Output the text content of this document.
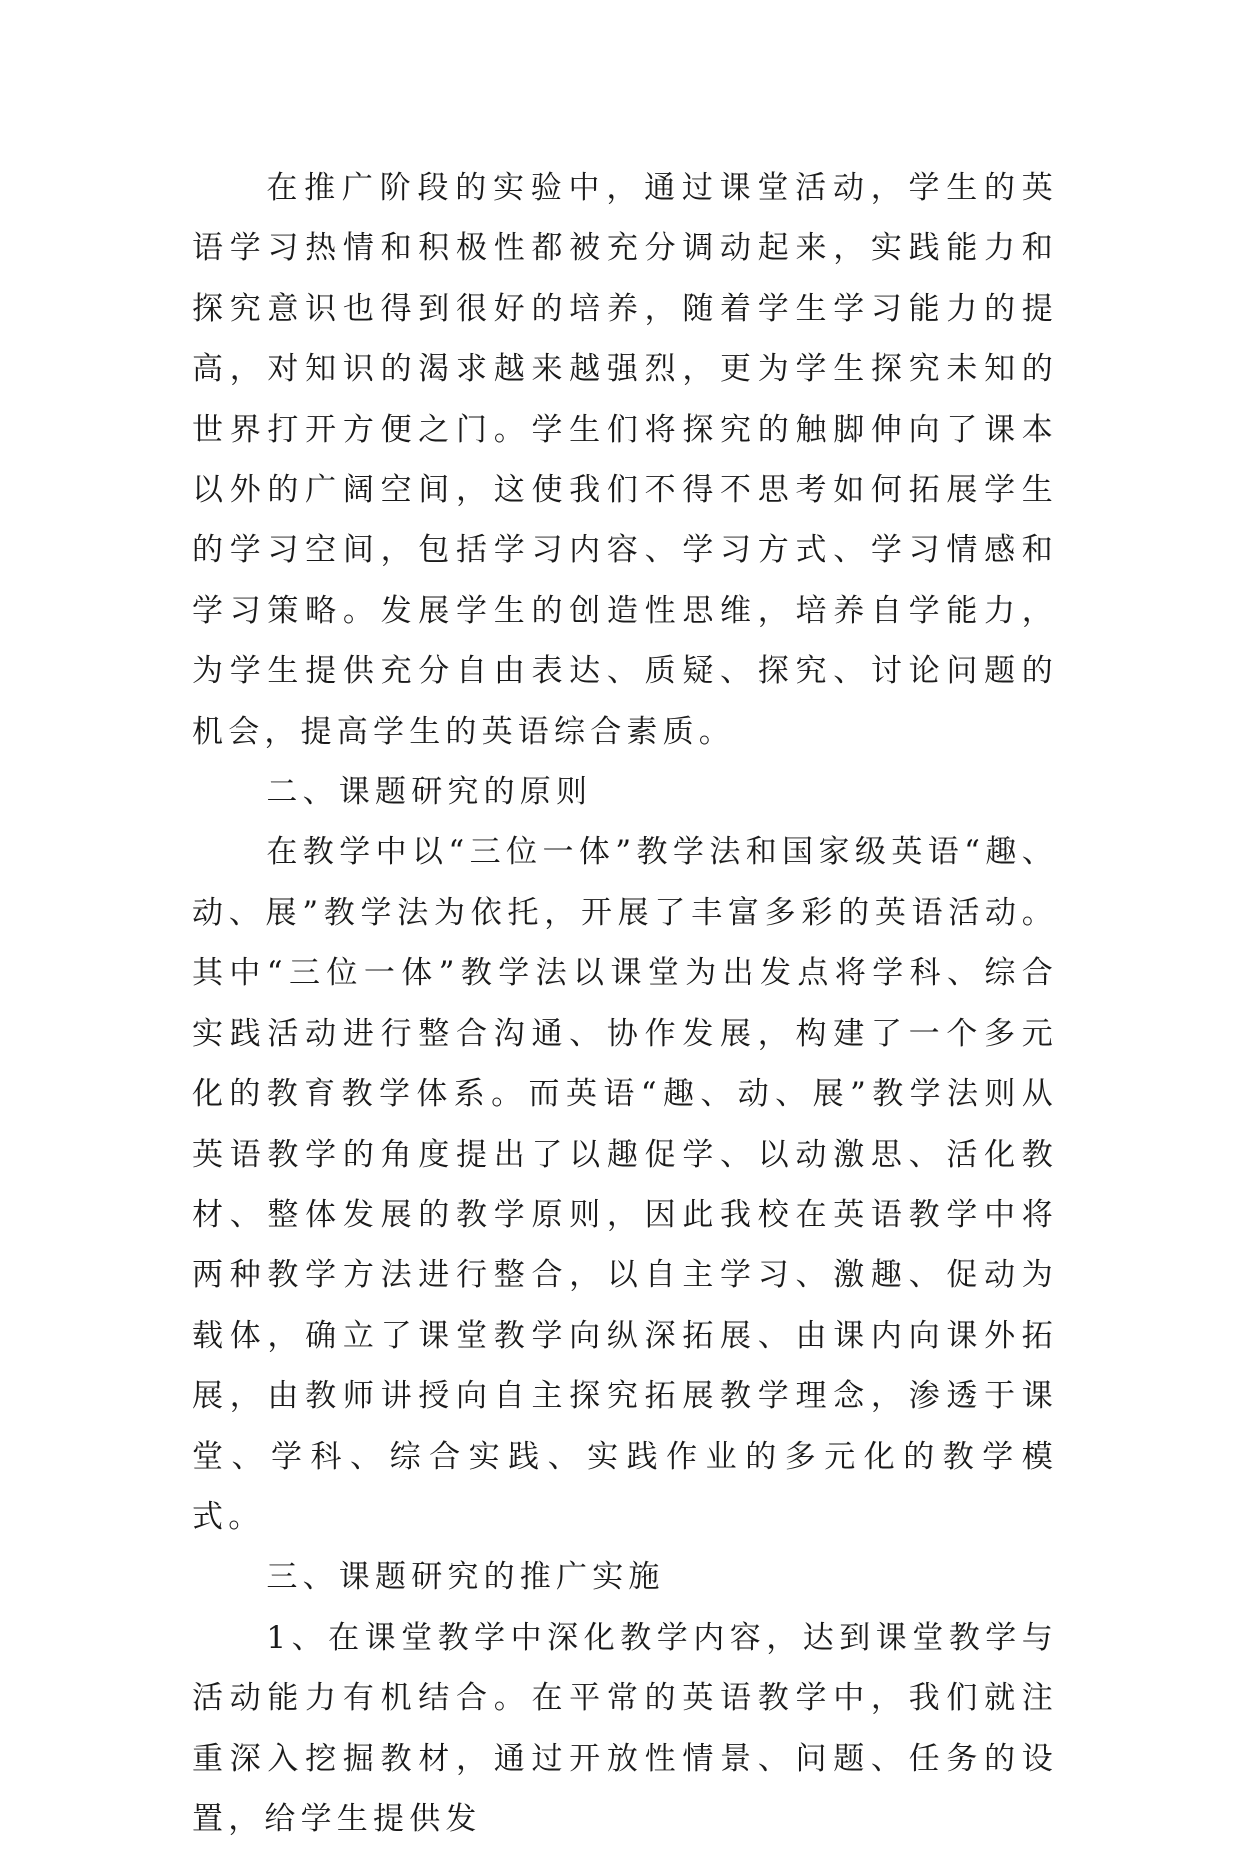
在推广阶段的实验中，通过课堂活动，学生的英语学习热情和积极性都被充分调动起来，实践能力和探究意识也得到很好的培养，随着学生学习能力的提高，对知识的渴求越来越强烈，更为学生探究未知的世界打开方便之门。学生们将探究的触脚伸向了课本以外的广阔空间，这使我们不得不思考如何拓展学生的学习空间，包括学习内容、学习方式、学习情感和学习策略。发展学生的创造性思维，培养自学能力，为学生提供充分自由表达、质疑、探究、讨论问题的机会，提高学生的英语综合素质。

二、课题研究的原则

在教学中以“三位一体”教学法和国家级英语“趣、动、展”教学法为依托，开展了丰富多彩的英语活动。其中“三位一体”教学法以课堂为出发点将学科、综合实践活动进行整合沟通、协作发展，构建了一个多元化的教育教学体系。而英语“趣、动、展”教学法则从英语教学的角度提出了以趣促学、以动激思、活化教材、整体发展的教学原则，因此我校在英语教学中将两种教学方法进行整合，以自主学习、激趣、促动为载体，确立了课堂教学向纵深拓展、由课内向课外拓展，由教师讲授向自主探究拓展教学理念，渗透于课堂、学科、综合实践、实践作业的多元化的教学模式。

三、课题研究的推广实施

1、在课堂教学中深化教学内容，达到课堂教学与活动能力有机结合。在平常的英语教学中，我们就注重深入挖掘教材，通过开放性情景、问题、任务的设置，给学生提供发
